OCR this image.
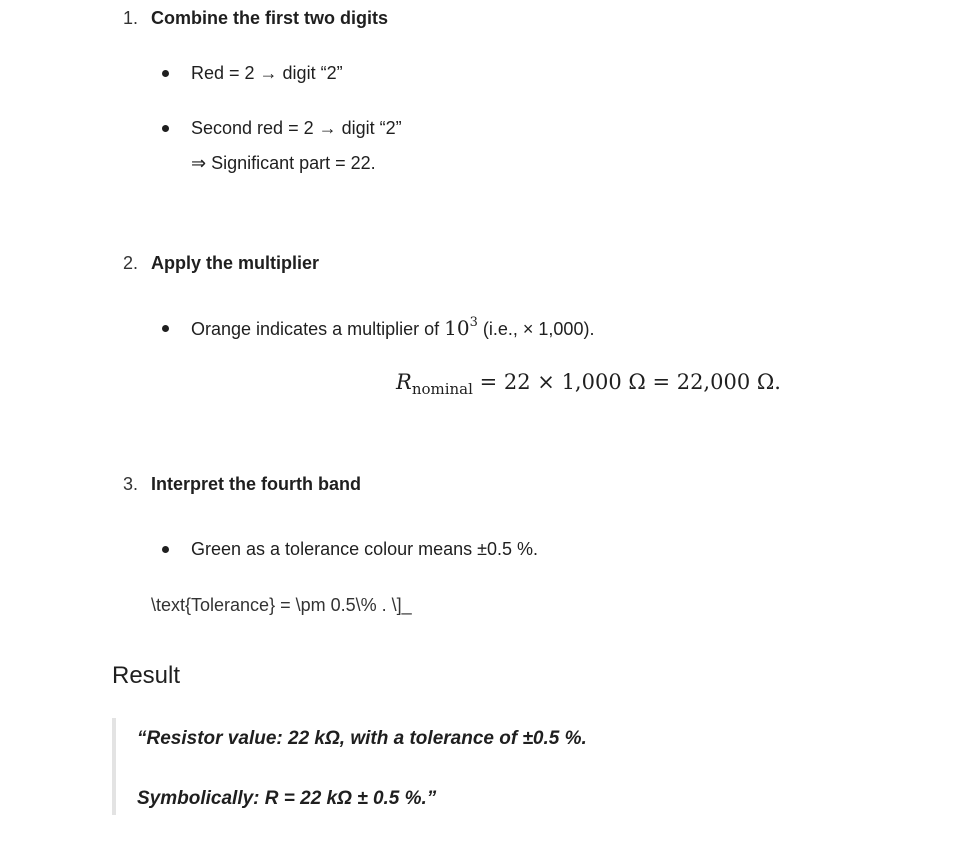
1. Combine the first two digits
Red = 2 → digit “2”
Second red = 2 → digit “2”
⇒ Significant part = 22.
2. Apply the multiplier
Orange indicates a multiplier of $10^3$ (i.e., × 1,000).
$R_{nominal} = 22 \times 1,000$ Ω = 22,000 Ω.
3. Interpret the fourth band
Green as a tolerance colour means ±0.5 %.
\text{Tolerance} = \pm 0.5\% . \]_
Result
“Resistor value: 22 kΩ, with a tolerance of ±0.5 %.
Symbolically: R = 22 kΩ ± 0.5 %.”
